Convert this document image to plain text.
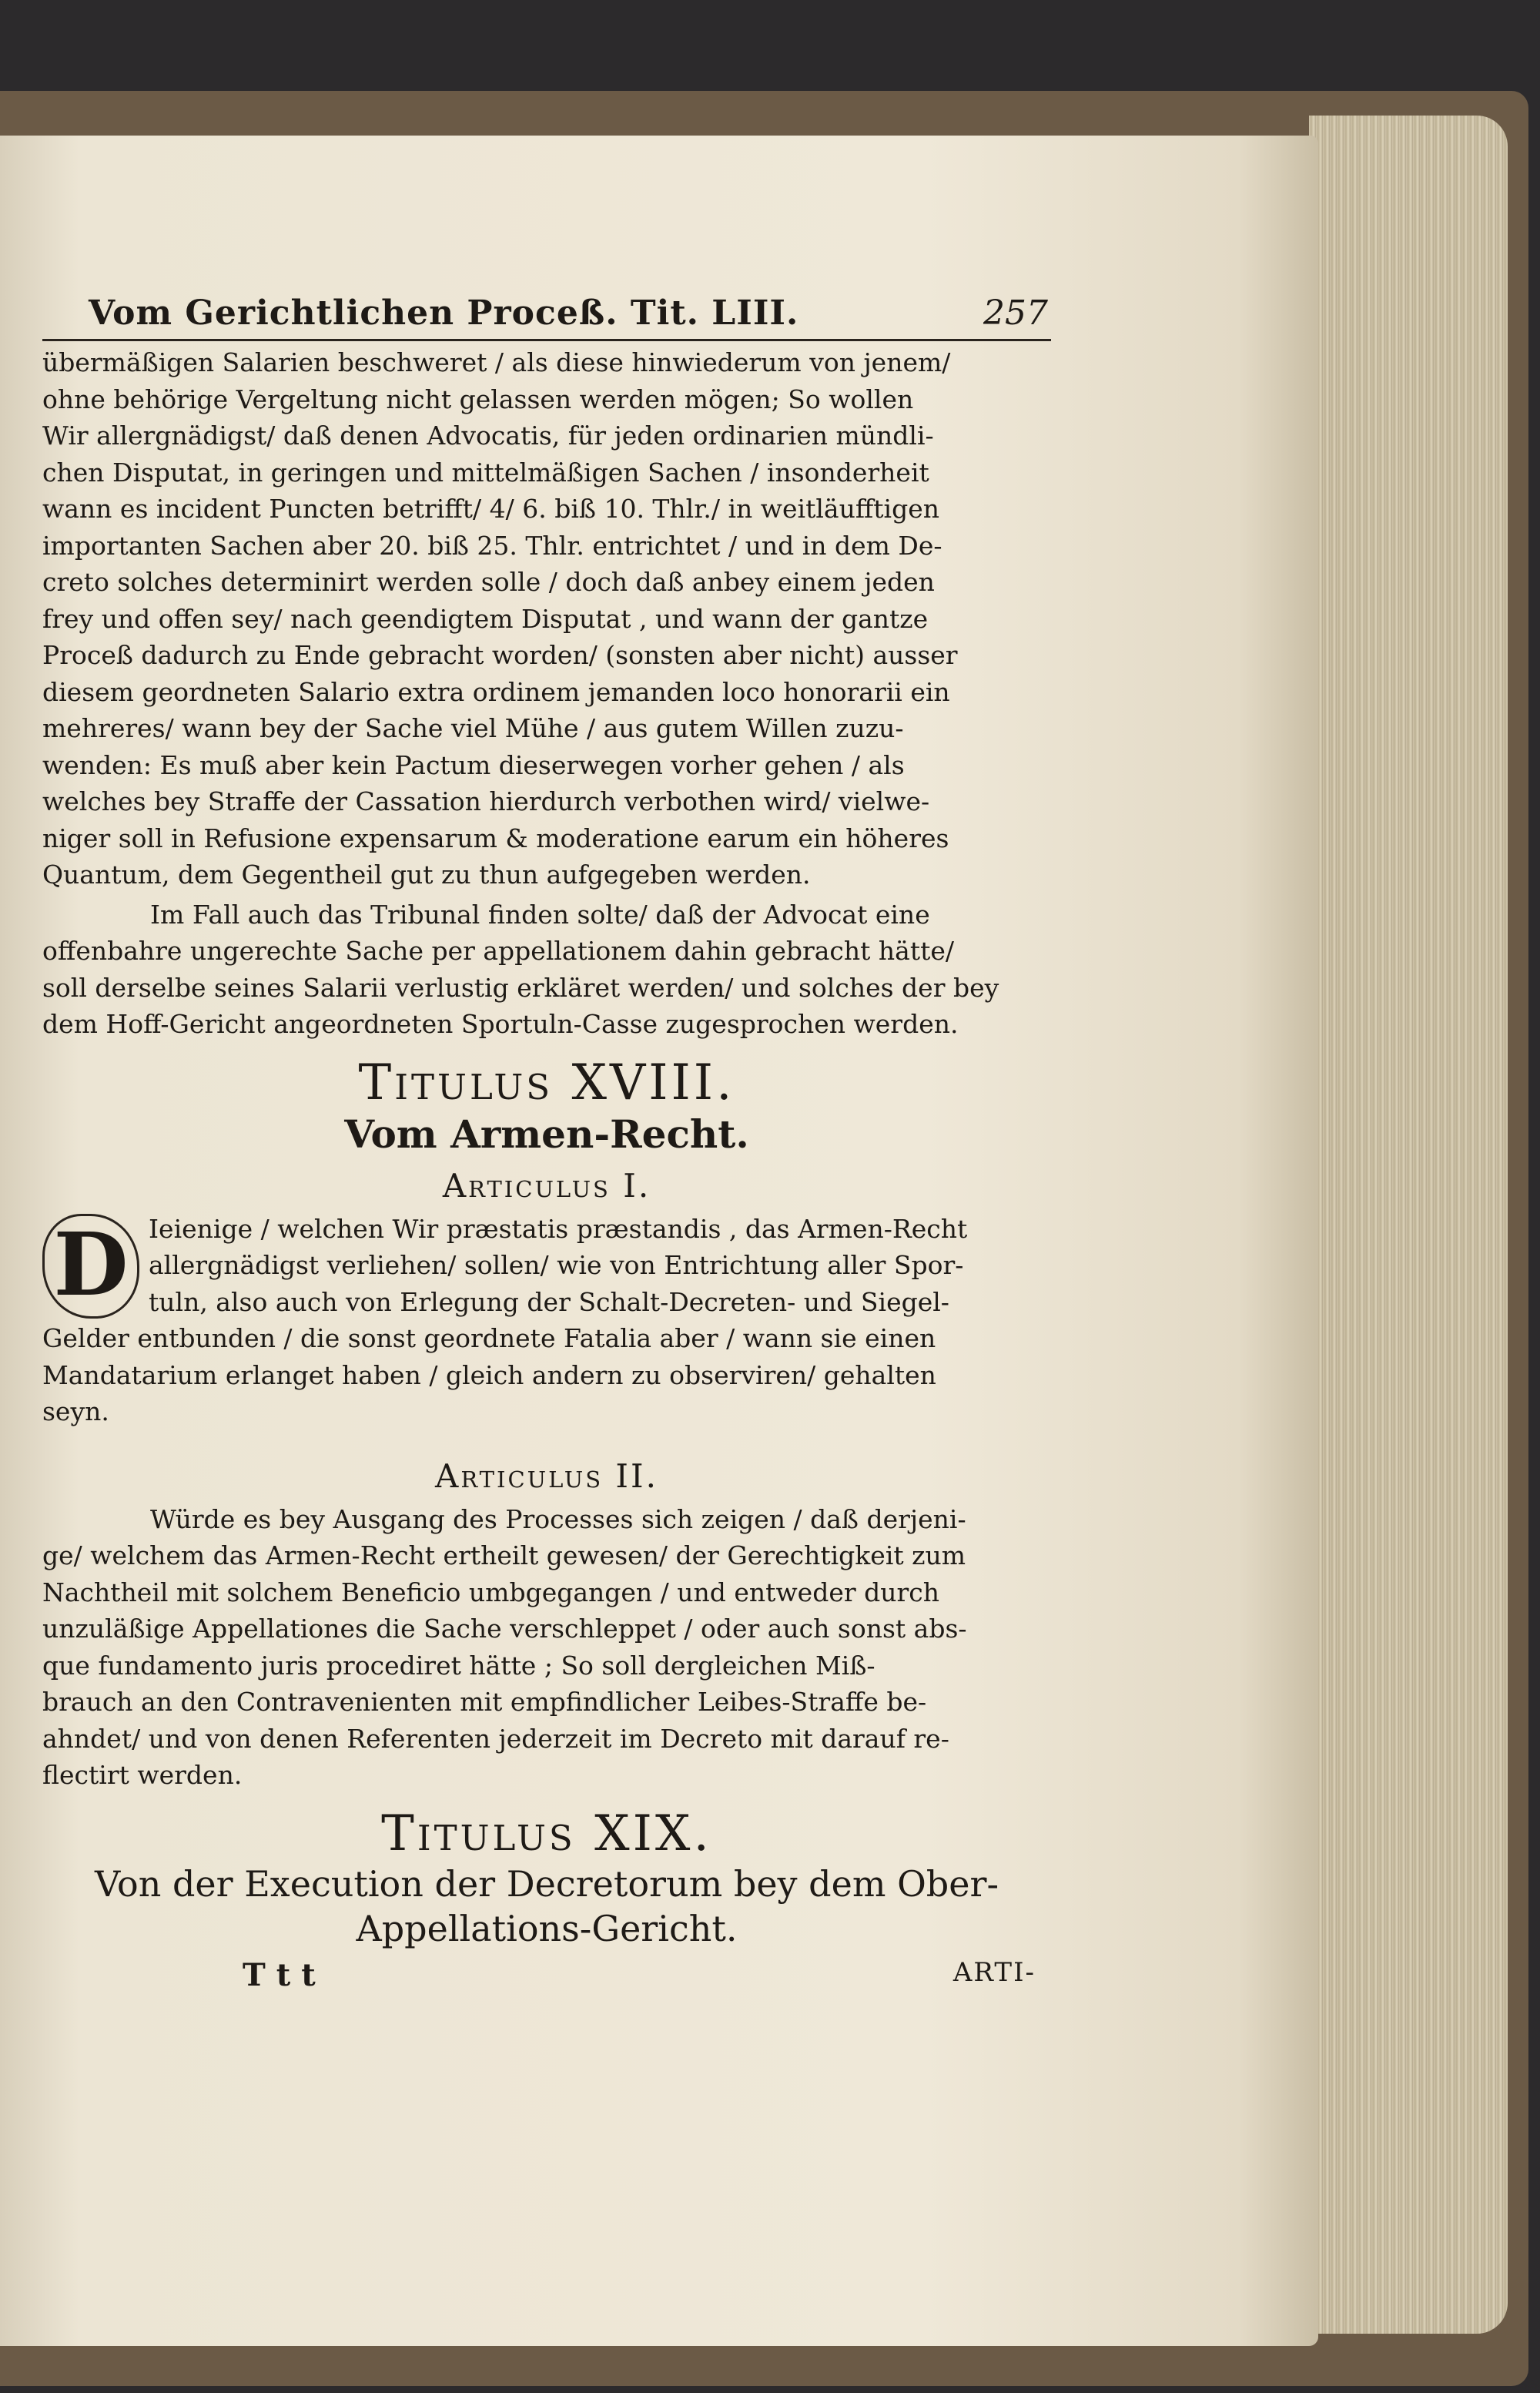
Vom Gerichtlichen Proceß. Tit. LIII.	257
übermäßigen Salarien beschweret / als diese hinwiederum von jenem/
ohne behörige Vergeltung nicht gelassen werden mögen; So wollen
Wir allergnädigst/ daß denen Advocatis, für jeden ordinarien mündli-
chen Disputat, in geringen und mittelmäßigen Sachen / insonderheit
wann es incident Puncten betrifft/ 4/ 6. biß 10. Thlr./ in weitläufftigen
importanten Sachen aber 20. biß 25. Thlr. entrichtet / und in dem De-
creto solches determinirt werden solle / doch daß anbey einem jeden
frey und offen sey/ nach geendigtem Disputat , und wann der gantze
Proceß dadurch zu Ende gebracht worden/ (sonsten aber nicht) ausser
diesem geordneten Salario extra ordinem jemanden loco honorarii ein
mehreres/ wann bey der Sache viel Mühe / aus gutem Willen zuzu-
wenden: Es muß aber kein Pactum dieserwegen vorher gehen / als
welches bey Straffe der Cassation hierdurch verbothen wird/ vielwe-
niger soll in Refusione expensarum & moderatione earum ein höheres
Quantum, dem Gegentheil gut zu thun aufgegeben werden.
Im Fall auch das Tribunal finden solte/ daß der Advocat eine
offenbahre ungerechte Sache per appellationem dahin gebracht hätte/
soll derselbe seines Salarii verlustig erkläret werden/ und solches der bey
dem Hoff-Gericht angeordneten Sportuln-Casse zugesprochen werden.
Titulus XVIII.
Vom Armen-Recht.
Articulus I.
D Ieienige / welchen Wir præstatis præstandis , das Armen-Recht
allergnädigst verliehen/ sollen/ wie von Entrichtung aller Spor-
tuln, also auch von Erlegung der Schalt-Decreten- und Siegel-
Gelder entbunden / die sonst geordnete Fatalia aber / wann sie einen
Mandatarium erlanget haben / gleich andern zu observiren/ gehalten
seyn.
Articulus II.
Würde es bey Ausgang des Processes sich zeigen / daß derjeni-
ge/ welchem das Armen-Recht ertheilt gewesen/ der Gerechtigkeit zum
Nachtheil mit solchem Beneficio umbgegangen / und entweder durch
unzuläßige Appellationes die Sache verschleppet / oder auch sonst abs-
que fundamento juris procediret hätte ; So soll dergleichen Miß-
brauch an den Contravenienten mit empfindlicher Leibes-Straffe be-
ahndet/ und von denen Referenten jederzeit im Decreto mit darauf re-
flectirt werden.
Titulus XIX.
Von der Execution der Decretorum bey dem Ober-
Appellations-Gericht.
Ttt	ARTI-
